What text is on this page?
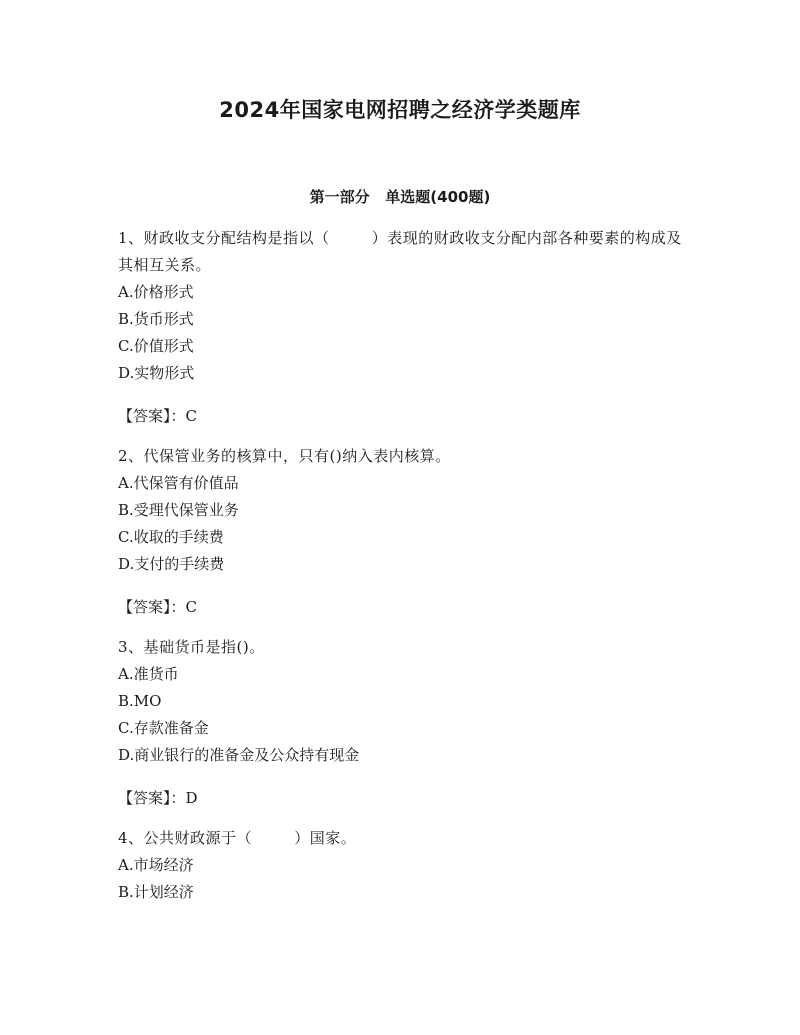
2024年国家电网招聘之经济学类题库
第一部分   单选题(400题)
1、财政收支分配结构是指以（        ）表现的财政收支分配内部各种要素的构成及其相互关系。
A.价格形式
B.货币形式
C.价值形式
D.实物形式
【答案】：C
2、代保管业务的核算中，只有()纳入表内核算。
A.代保管有价值品
B.受理代保管业务
C.收取的手续费
D.支付的手续费
【答案】：C
3、基础货币是指()。
A.准货币
B.MO
C.存款准备金
D.商业银行的准备金及公众持有现金
【答案】：D
4、公共财政源于（        ）国家。
A.市场经济
B.计划经济
